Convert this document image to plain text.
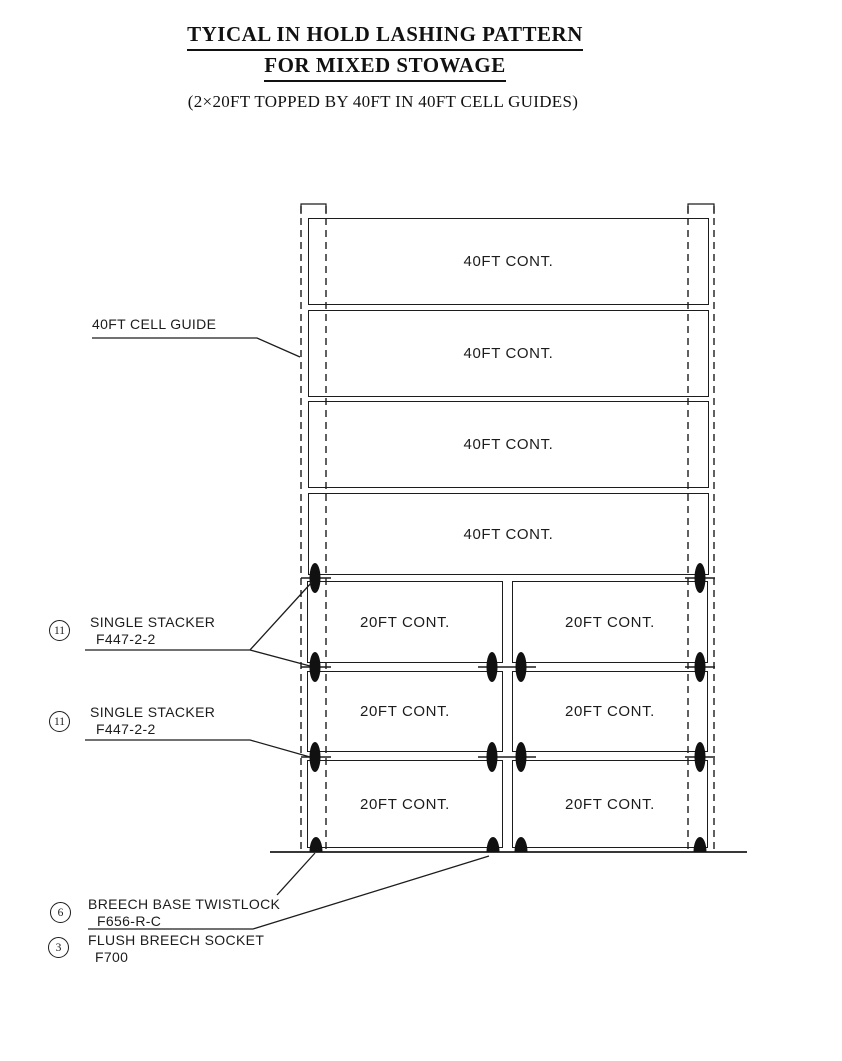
TYICAL IN HOLD LASHING PATTERN
FOR MIXED STOWAGE
(2×20FT TOPPED BY 40FT IN 40FT CELL GUIDES)
40FT CONT.
40FT CONT.
40FT CONT.
40FT CONT.
20FT CONT.	20FT CONT.
20FT CONT.	20FT CONT.
20FT CONT.	20FT CONT.
40FT CELL GUIDE
11
SINGLE STACKER
F447-2-2
11
SINGLE STACKER
F447-2-2
6
BREECH BASE TWISTLOCK
F656-R-C
3	FLUSH BREECH SOCKET
F700
